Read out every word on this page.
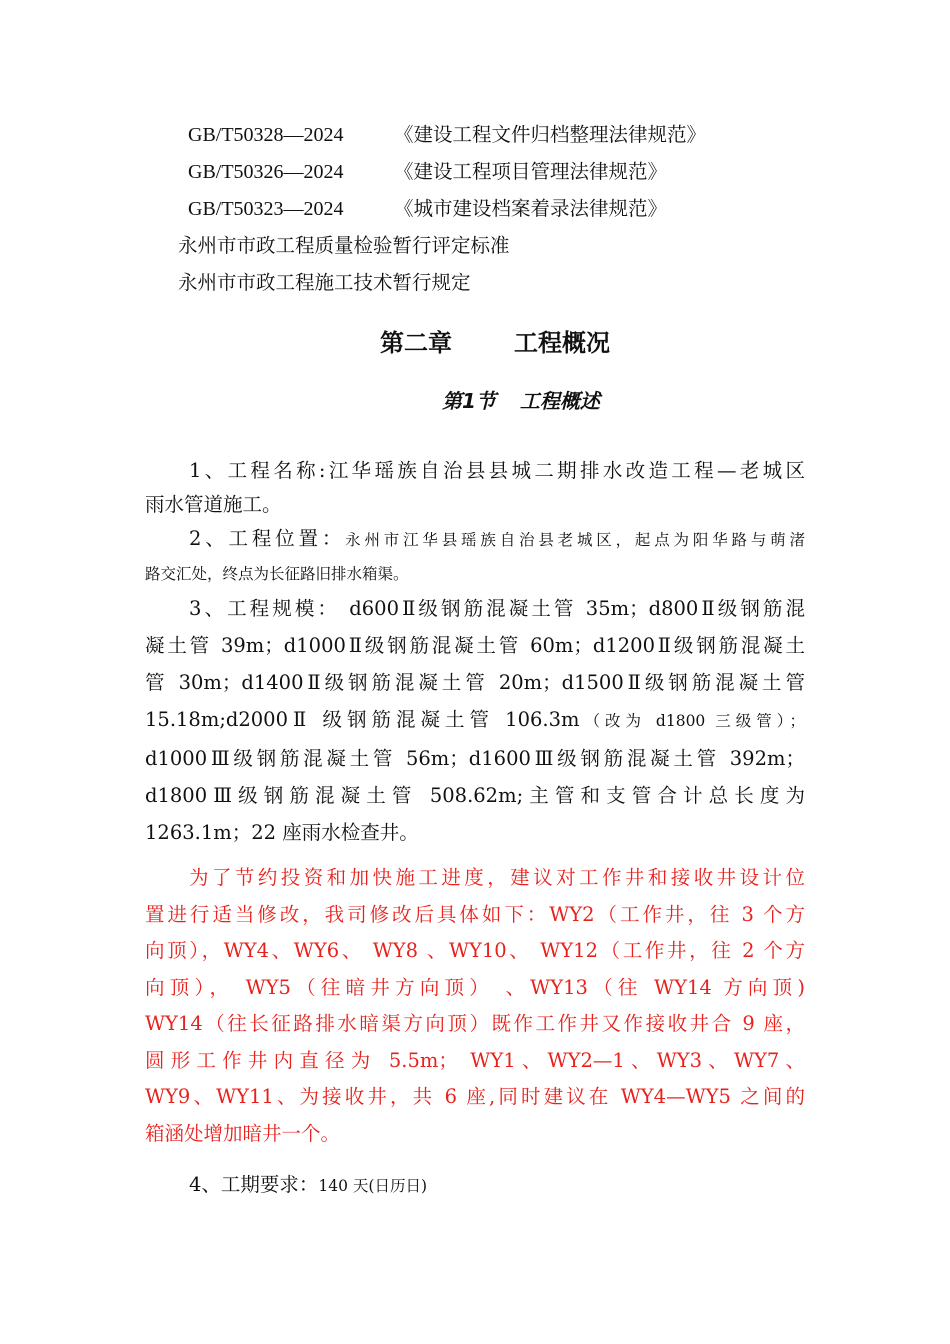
GB/T50328—2024	《建设工程文件归档整理法律规范》
GB/T50326—2024	《建设工程项目管理法律规范》
GB/T50323—2024	《城市建设档案着录法律规范》
永州市市政工程质量检验暂行评定标准
永州市市政工程施工技术暂行规定
第二章	工程概况
第1节 工程概述
1、工程名称:江华瑶族自治县县城二期排水改造工程—老城区
雨水管道施工。
2、工程位置：永州市江华县瑶族自治县老城区，起点为阳华路与萌渚
路交汇处，终点为长征路旧排水箱渠。
3、工程规模： d600Ⅱ级钢筋混凝土管 35m；d800Ⅱ级钢筋混
凝土管 39m；d1000Ⅱ级钢筋混凝土管 60m；d1200Ⅱ级钢筋混凝土
管 30m；d1400Ⅱ级钢筋混凝土管 20m；d1500Ⅱ级钢筋混凝土管
15.18m;d2000Ⅱ 级钢筋混凝土管 106.3m（改为 d1800 三级管）；
d1000Ⅲ级钢筋混凝土管 56m；d1600Ⅲ级钢筋混凝土管 392m；
d1800Ⅲ级钢筋混凝土管 508.62m;主管和支管合计总长度为
1263.1m；22 座雨水检查井。
为了节约投资和加快施工进度，建议对工作井和接收井设计位
置进行适当修改，我司修改后具体如下：WY2（工作井，往 3 个方
向顶），WY4、WY6、 WY8 、WY10、 WY12（工作井，往 2 个方
向顶）， WY5（往暗井方向顶） 、WY13（往 WY14 方向顶)
WY14（往长征路排水暗渠方向顶）既作工作井又作接收井合 9 座，
圆形工作井内直径为 5.5m； WY1、WY2—1、WY3、WY7、
WY9、WY11、为接收井，共 6 座,同时建议在 WY4—WY5 之间的
箱涵处增加暗井一个。
4、工期要求：140 天(日历日)
